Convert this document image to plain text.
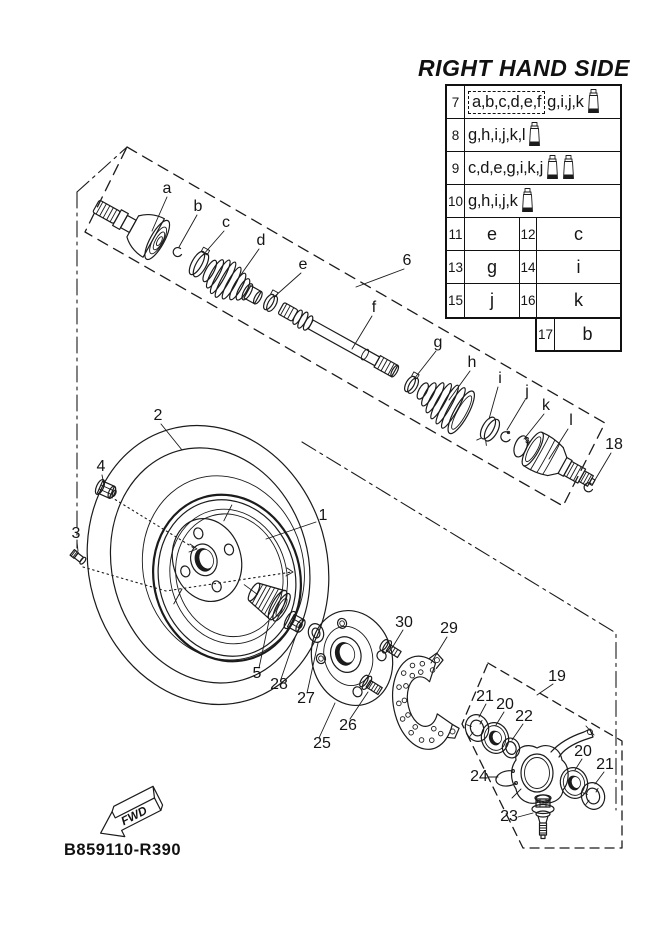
FWD
a
b
c
d
e
f
g
h
i
j
k
l
6
18
2
1
4
3
5
28
27
25
26
30 29
19
21 20
22
24
23
20
21
RIGHT HAND SIDE
7 a,b,c,d,e,f g,i,j,k
8 g,h,i,j,k,l
9 c,d,e,g,i,k,j
10 g,h,i,j,k
11	e	12	c
13	g	14	i
15	j	16	k
17	b
B859110-R390
